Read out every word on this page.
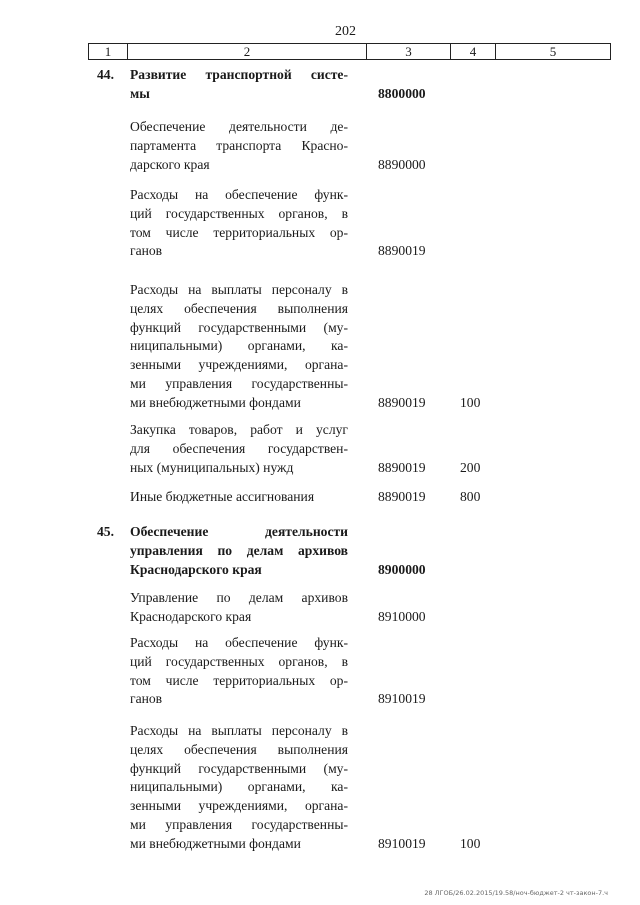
202
1	2	3	4	5
44. Развитие транспортной систе-
мы	8800000
Обеспечение деятельности де-
партамента транспорта Красно-
дарского края	8890000
Расходы на обеспечение функ-
ций государственных органов, в
том числе территориальных ор-
ганов	8890019
Расходы на выплаты персоналу в
целях обеспечения выполнения
функций государственными (му-
ниципальными) органами, ка-
зенными учреждениями, органа-
ми управления государственны-
ми внебюджетными фондами	8890019	100
Закупка товаров, работ и услуг
для обеспечения государствен-
ных (муниципальных) нужд	8890019	200
Иные бюджетные ассигнования	8890019	800
45. Обеспечение деятельности
управления по делам архивов
Краснодарского края	8900000
Управление по делам архивов
Краснодарского края	8910000
Расходы на обеспечение функ-
ций государственных органов, в
том числе территориальных ор-
ганов	8910019
Расходы на выплаты персоналу в
целях обеспечения выполнения
функций государственными (му-
ниципальными) органами, ка-
зенными учреждениями, органа-
ми управления государственны-
ми внебюджетными фондами	8910019	100
28 ЛГОБ/26.02.2015/19.58/ноч-бюджет-2 чт-закон-7.ч
